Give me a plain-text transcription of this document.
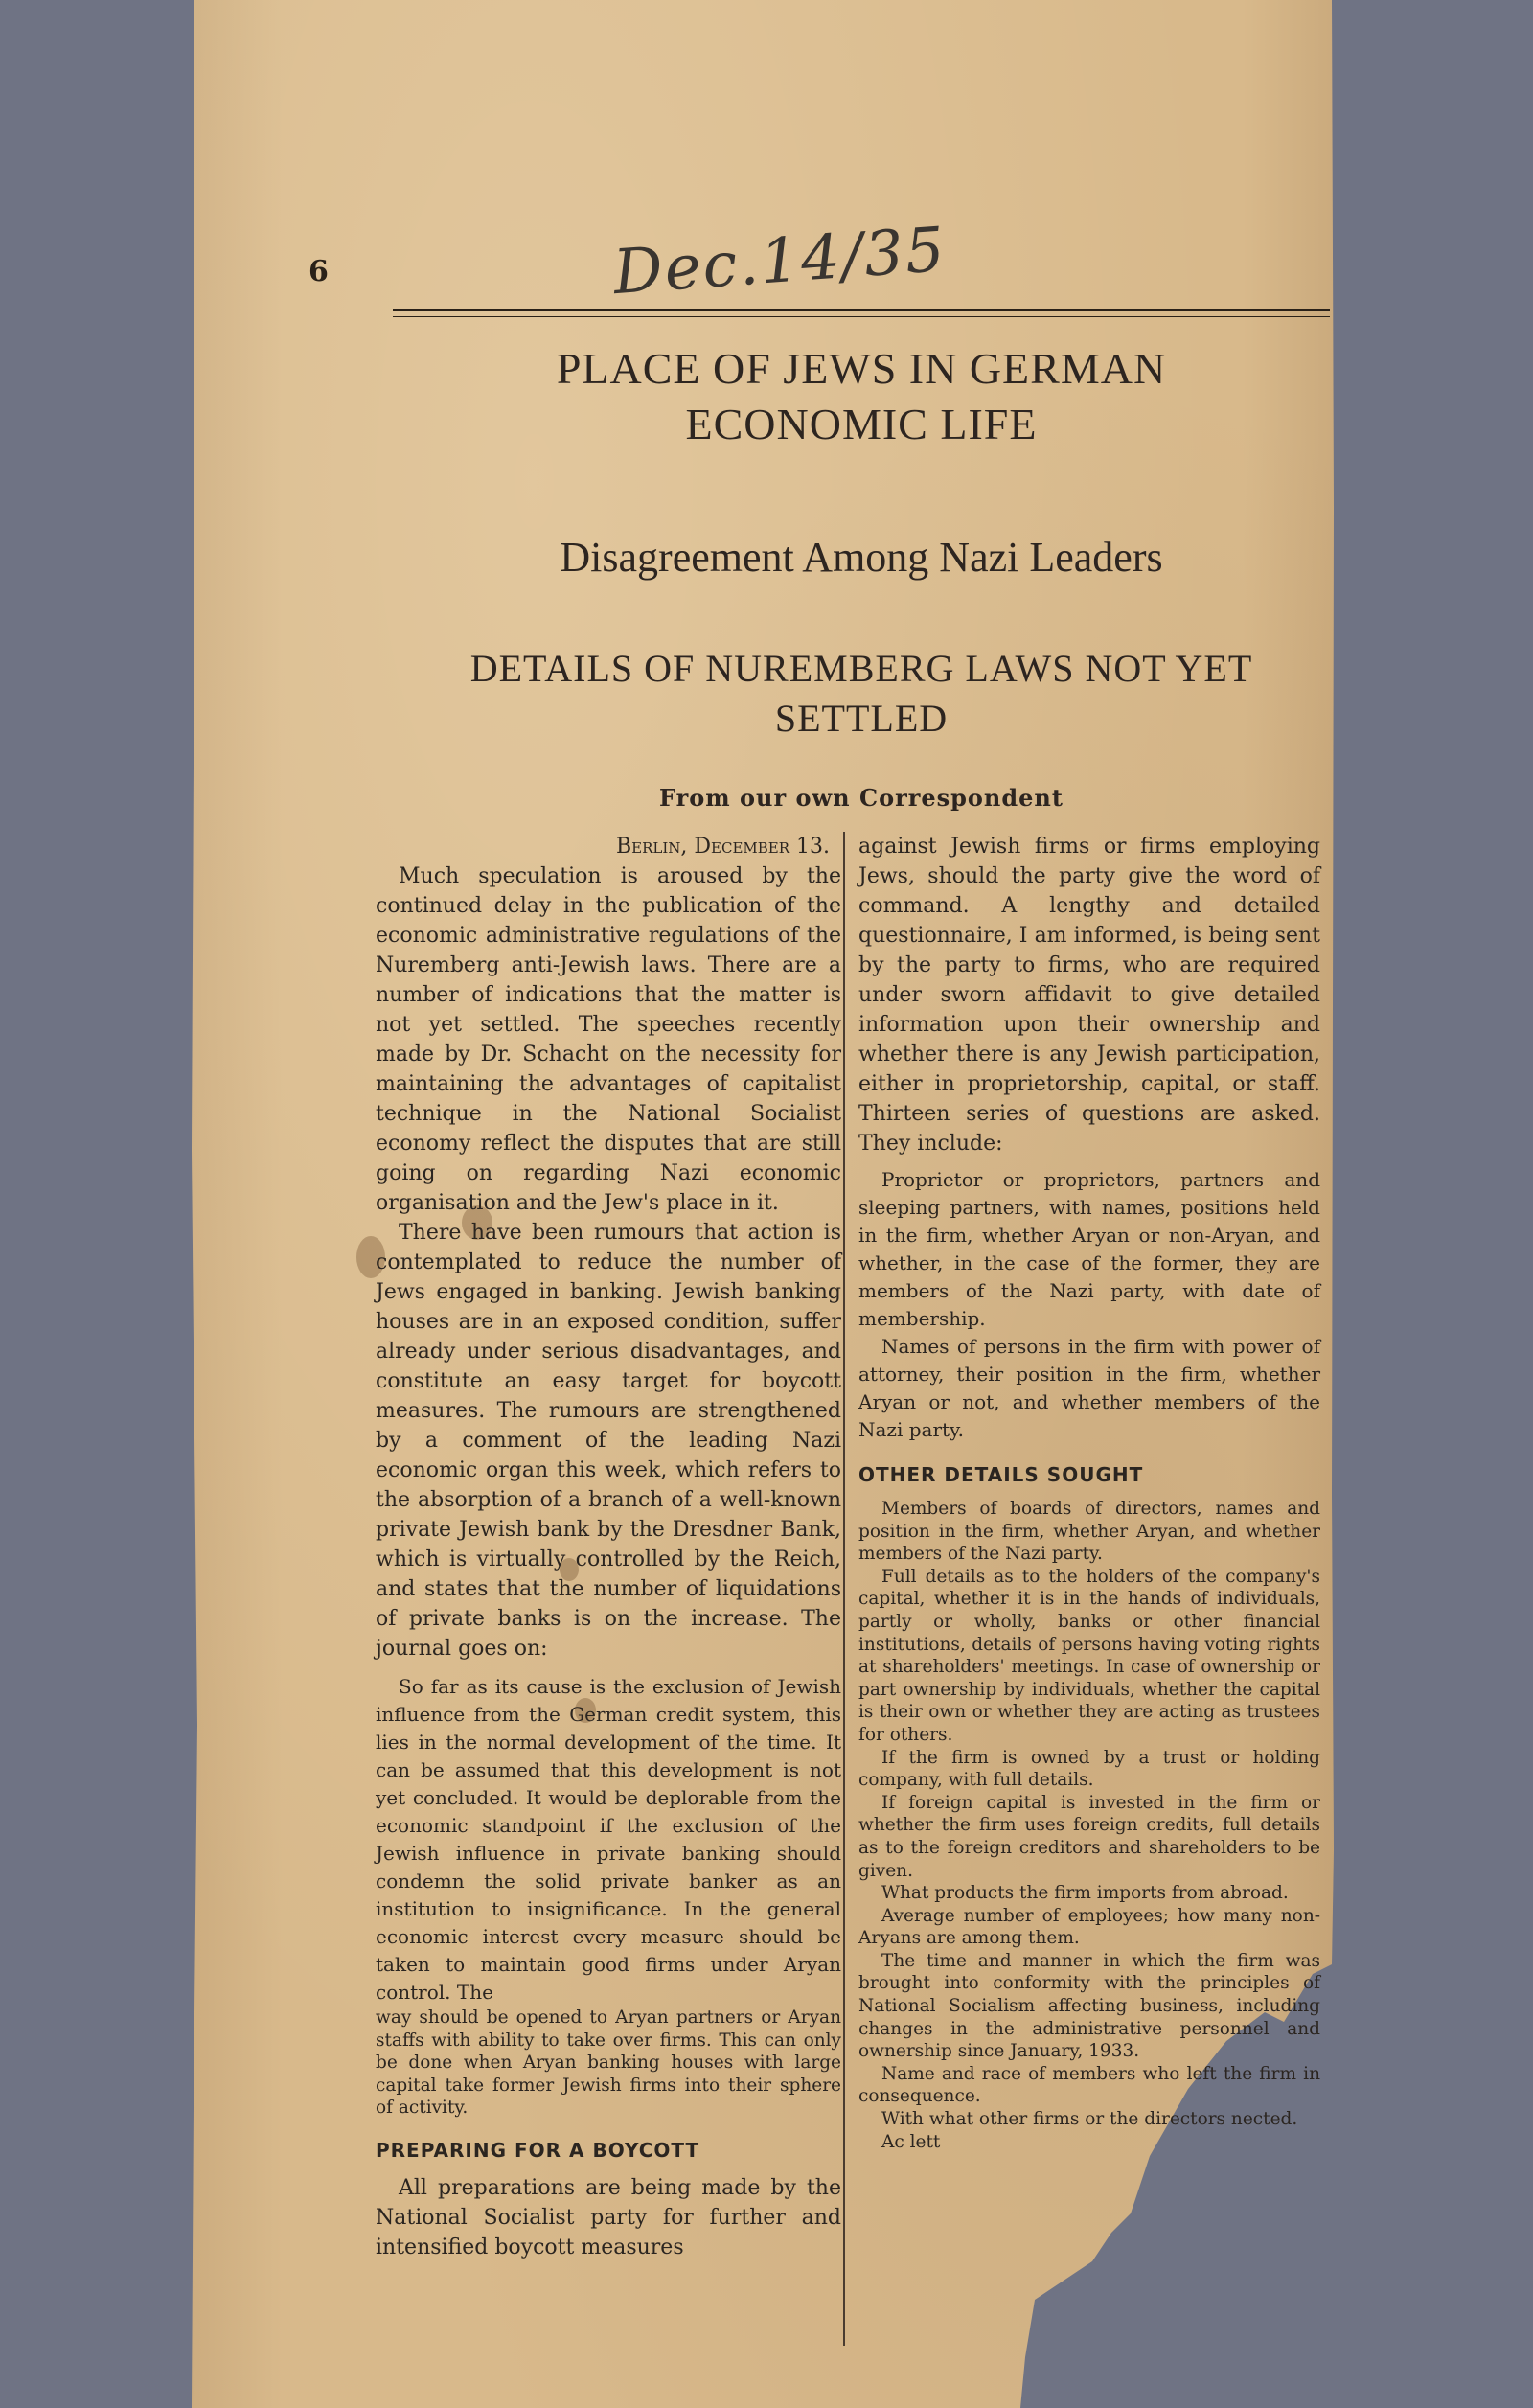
6	Dec.14/35
PLACE OF JEWS IN GERMAN ECONOMIC LIFE
Disagreement Among Nazi Leaders
DETAILS OF NUREMBERG LAWS NOT YET SETTLED
From our own Correspondent
Berlin, December 13.

Much speculation is aroused by the continued delay in the publication of the economic administrative regulations of the Nuremberg anti-Jewish laws. There are a number of indications that the matter is not yet settled. The speeches recently made by Dr. Schacht on the necessity for maintaining the advantages of capitalist technique in the National Socialist economy reflect the disputes that are still going on regarding Nazi economic organisation and the Jew's place in it.

There have been rumours that action is contemplated to reduce the number of Jews engaged in banking. Jewish banking houses are in an exposed condition, suffer already under serious disadvantages, and constitute an easy target for boycott measures. The rumours are strengthened by a comment of the leading Nazi economic organ this week, which refers to the absorption of a branch of a well-known private Jewish bank by the Dresdner Bank, which is virtually controlled by the Reich, and states that the number of liquidations of private banks is on the increase. The journal goes on:

So far as its cause is the exclusion of Jewish influence from the German credit system, this lies in the normal development of the time. It can be assumed that this development is not yet concluded. It would be deplorable from the economic standpoint if the exclusion of the Jewish influence in private banking should condemn the solid private banker as an institution to insignificance. In the general economic interest every measure should be taken to maintain good firms under Aryan control. The

way should be opened to Aryan partners or Aryan staffs with ability to take over firms. This can only be done when Aryan banking houses with large capital take former Jewish firms into their sphere of activity.

PREPARING FOR A BOYCOTT

All preparations are being made by the National Socialist party for further and intensified boycott measures

against Jewish firms or firms employing Jews, should the party give the word of command. A lengthy and detailed questionnaire, I am informed, is being sent by the party to firms, who are required under sworn affidavit to give detailed information upon their ownership and whether there is any Jewish participation, either in proprietorship, capital, or staff. Thirteen series of questions are asked. They include:

Proprietor or proprietors, partners and sleeping partners, with names, positions held in the firm, whether Aryan or non-Aryan, and whether, in the case of the former, they are members of the Nazi party, with date of membership.

Names of persons in the firm with power of attorney, their position in the firm, whether Aryan or not, and whether members of the Nazi party.

OTHER DETAILS SOUGHT

Members of boards of directors, names and position in the firm, whether Aryan, and whether members of the Nazi party.

Full details as to the holders of the company's capital, whether it is in the hands of individuals, partly or wholly, banks or other financial institutions, details of persons having voting rights at shareholders' meetings. In case of ownership or part ownership by individuals, whether the capital is their own or whether they are acting as trustees for others.

If the firm is owned by a trust or holding company, with full details.

If foreign capital is invested in the firm or whether the firm uses foreign credits, full details as to the foreign creditors and shareholders to be given.

What products the firm imports from abroad.

Average number of employees; how many non-Aryans are among them.

The time and manner in which the firm was brought into conformity with the principles of National Socialism affecting business, including changes in the administrative personnel and ownership since January, 1933.

Name and race of members who left the firm in consequence.

With what other firms or the directors nected.

Ac lett
